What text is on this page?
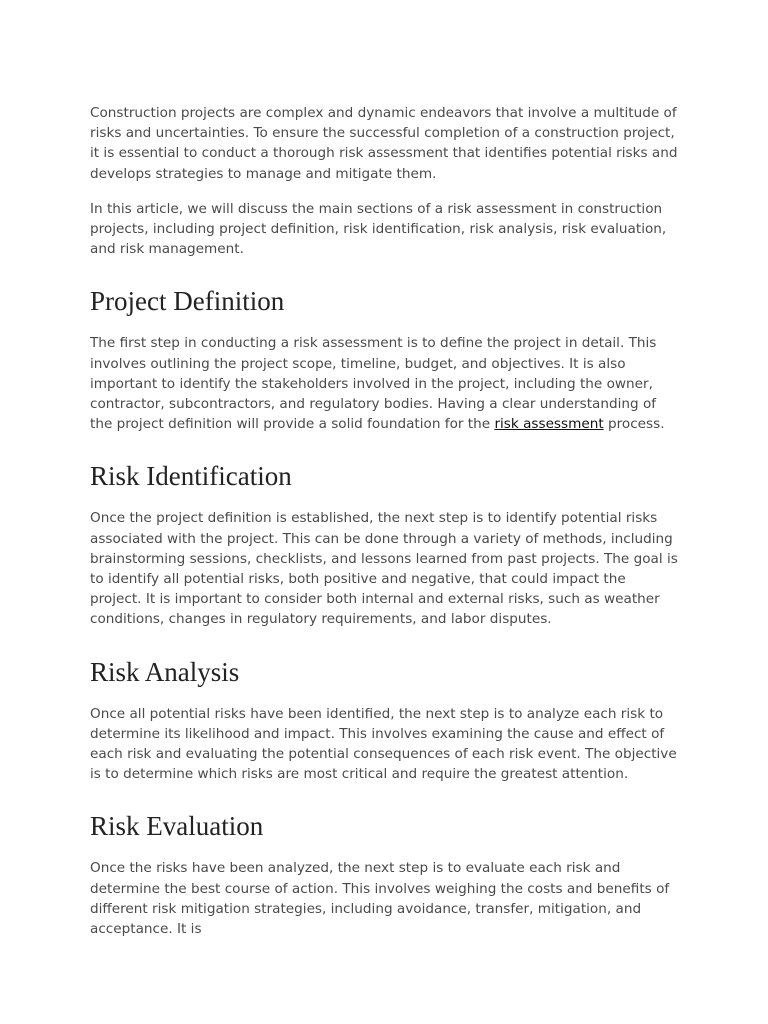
Construction projects are complex and dynamic endeavors that involve a multitude of risks and uncertainties. To ensure the successful completion of a construction project, it is essential to conduct a thorough risk assessment that identifies potential risks and develops strategies to manage and mitigate them.

In this article, we will discuss the main sections of a risk assessment in construction projects, including project definition, risk identification, risk analysis, risk evaluation, and risk management.

Project Definition

The first step in conducting a risk assessment is to define the project in detail. This involves outlining the project scope, timeline, budget, and objectives. It is also important to identify the stakeholders involved in the project, including the owner, contractor, subcontractors, and regulatory bodies. Having a clear understanding of the project definition will provide a solid foundation for the risk assessment process.

Risk Identification

Once the project definition is established, the next step is to identify potential risks associated with the project. This can be done through a variety of methods, including brainstorming sessions, checklists, and lessons learned from past projects. The goal is to identify all potential risks, both positive and negative, that could impact the project. It is important to consider both internal and external risks, such as weather conditions, changes in regulatory requirements, and labor disputes.

Risk Analysis

Once all potential risks have been identified, the next step is to analyze each risk to determine its likelihood and impact. This involves examining the cause and effect of each risk and evaluating the potential consequences of each risk event. The objective is to determine which risks are most critical and require the greatest attention.

Risk Evaluation

Once the risks have been analyzed, the next step is to evaluate each risk and determine the best course of action. This involves weighing the costs and benefits of different risk mitigation strategies, including avoidance, transfer, mitigation, and acceptance. It is
